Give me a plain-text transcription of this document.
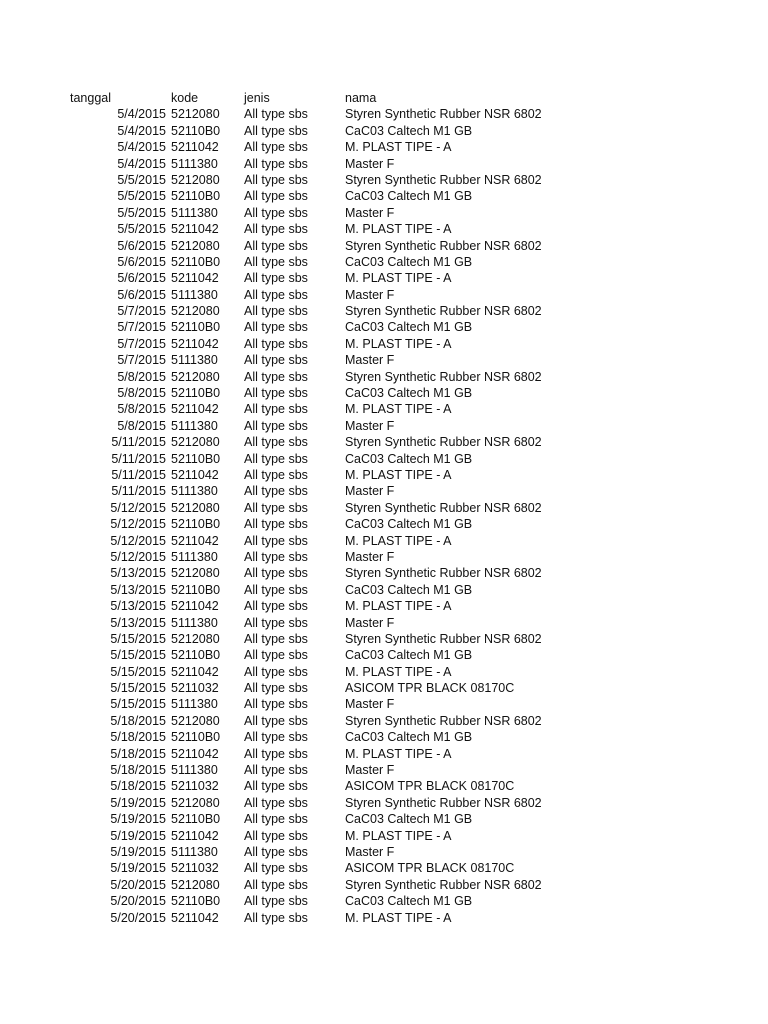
tanggal	kode	jenis	nama
5/4/2015 5212080 All type sbs	Styren Synthetic Rubber NSR 6802
5/4/2015 52110B0 All type sbs	CaC03 Caltech M1 GB
5/4/2015 5211042 All type sbs	M. PLAST TIPE - A
5/4/2015 5111380 All type sbs	Master F
5/5/2015 5212080 All type sbs	Styren Synthetic Rubber NSR 6802
5/5/2015 52110B0 All type sbs	CaC03 Caltech M1 GB
5/5/2015 5111380 All type sbs	Master F
5/5/2015 5211042 All type sbs	M. PLAST TIPE - A
5/6/2015 5212080 All type sbs	Styren Synthetic Rubber NSR 6802
5/6/2015 52110B0 All type sbs	CaC03 Caltech M1 GB
5/6/2015 5211042 All type sbs	M. PLAST TIPE - A
5/6/2015 5111380 All type sbs	Master F
5/7/2015 5212080 All type sbs	Styren Synthetic Rubber NSR 6802
5/7/2015 52110B0 All type sbs	CaC03 Caltech M1 GB
5/7/2015 5211042 All type sbs	M. PLAST TIPE - A
5/7/2015 5111380 All type sbs	Master F
5/8/2015 5212080 All type sbs	Styren Synthetic Rubber NSR 6802
5/8/2015 52110B0 All type sbs	CaC03 Caltech M1 GB
5/8/2015 5211042 All type sbs	M. PLAST TIPE - A
5/8/2015 5111380 All type sbs	Master F
5/11/2015 5212080 All type sbs	Styren Synthetic Rubber NSR 6802
5/11/2015 52110B0 All type sbs	CaC03 Caltech M1 GB
5/11/2015 5211042 All type sbs	M. PLAST TIPE - A
5/11/2015 5111380 All type sbs	Master F
5/12/2015 5212080 All type sbs	Styren Synthetic Rubber NSR 6802
5/12/2015 52110B0 All type sbs	CaC03 Caltech M1 GB
5/12/2015 5211042 All type sbs	M. PLAST TIPE - A
5/12/2015 5111380 All type sbs	Master F
5/13/2015 5212080 All type sbs	Styren Synthetic Rubber NSR 6802
5/13/2015 52110B0 All type sbs	CaC03 Caltech M1 GB
5/13/2015 5211042 All type sbs	M. PLAST TIPE - A
5/13/2015 5111380 All type sbs	Master F
5/15/2015 5212080 All type sbs	Styren Synthetic Rubber NSR 6802
5/15/2015 52110B0 All type sbs	CaC03 Caltech M1 GB
5/15/2015 5211042 All type sbs	M. PLAST TIPE - A
5/15/2015 5211032 All type sbs	ASICOM TPR BLACK 08170C
5/15/2015 5111380 All type sbs	Master F
5/18/2015 5212080 All type sbs	Styren Synthetic Rubber NSR 6802
5/18/2015 52110B0 All type sbs	CaC03 Caltech M1 GB
5/18/2015 5211042 All type sbs	M. PLAST TIPE - A
5/18/2015 5111380 All type sbs	Master F
5/18/2015 5211032 All type sbs	ASICOM TPR BLACK 08170C
5/19/2015 5212080 All type sbs	Styren Synthetic Rubber NSR 6802
5/19/2015 52110B0 All type sbs	CaC03 Caltech M1 GB
5/19/2015 5211042 All type sbs	M. PLAST TIPE - A
5/19/2015 5111380 All type sbs	Master F
5/19/2015 5211032 All type sbs	ASICOM TPR BLACK 08170C
5/20/2015 5212080 All type sbs	Styren Synthetic Rubber NSR 6802
5/20/2015 52110B0 All type sbs	CaC03 Caltech M1 GB
5/20/2015 5211042 All type sbs	M. PLAST TIPE - A
